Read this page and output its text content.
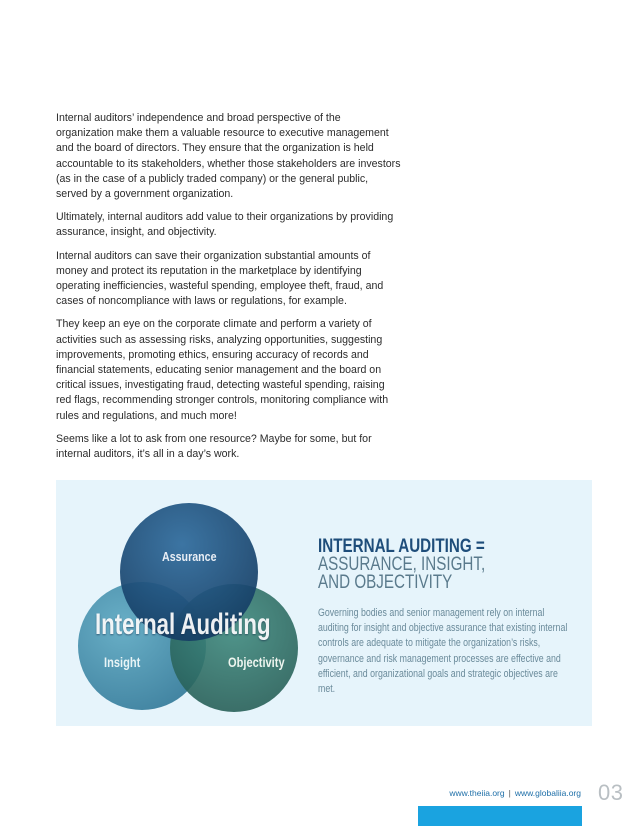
Internal auditors’ independence and broad perspective of the organization make them a valuable resource to executive management and the board of directors. They ensure that the organization is held accountable to its stakeholders, whether those stakeholders are investors (as in the case of a publicly traded company) or the general public, served by a government organization.

Ultimately, internal auditors add value to their organizations by providing assurance, insight, and objectivity.

Internal auditors can save their organization substantial amounts of money and protect its reputation in the marketplace by identifying operating inefficiencies, wasteful spending, employee theft, fraud, and cases of noncompliance with laws or regulations, for example.

They keep an eye on the corporate climate and perform a variety of activities such as assessing risks, analyzing opportunities, suggesting improvements, promoting ethics, ensuring accuracy of records and financial statements, educating senior management and the board on critical issues, investigating fraud, detecting wasteful spending, raising red flags, recommending stronger controls, monitoring compliance with rules and regulations, and much more!

Seems like a lot to ask from one resource? Maybe for some, but for internal auditors, it’s all in a day’s work.

Assurance
Insight	Objectivity
Internal Auditing
INTERNAL AUDITING =
ASSURANCE, INSIGHT,
AND OBJECTIVITY

Governing bodies and senior management rely on internal auditing for insight and objective assurance that existing internal controls are adequate to mitigate the organization’s risks, governance and risk management processes are effective and efficient, and organizational goals and strategic objectives are met.

www.theiia.org | www.globaliia.org 03
